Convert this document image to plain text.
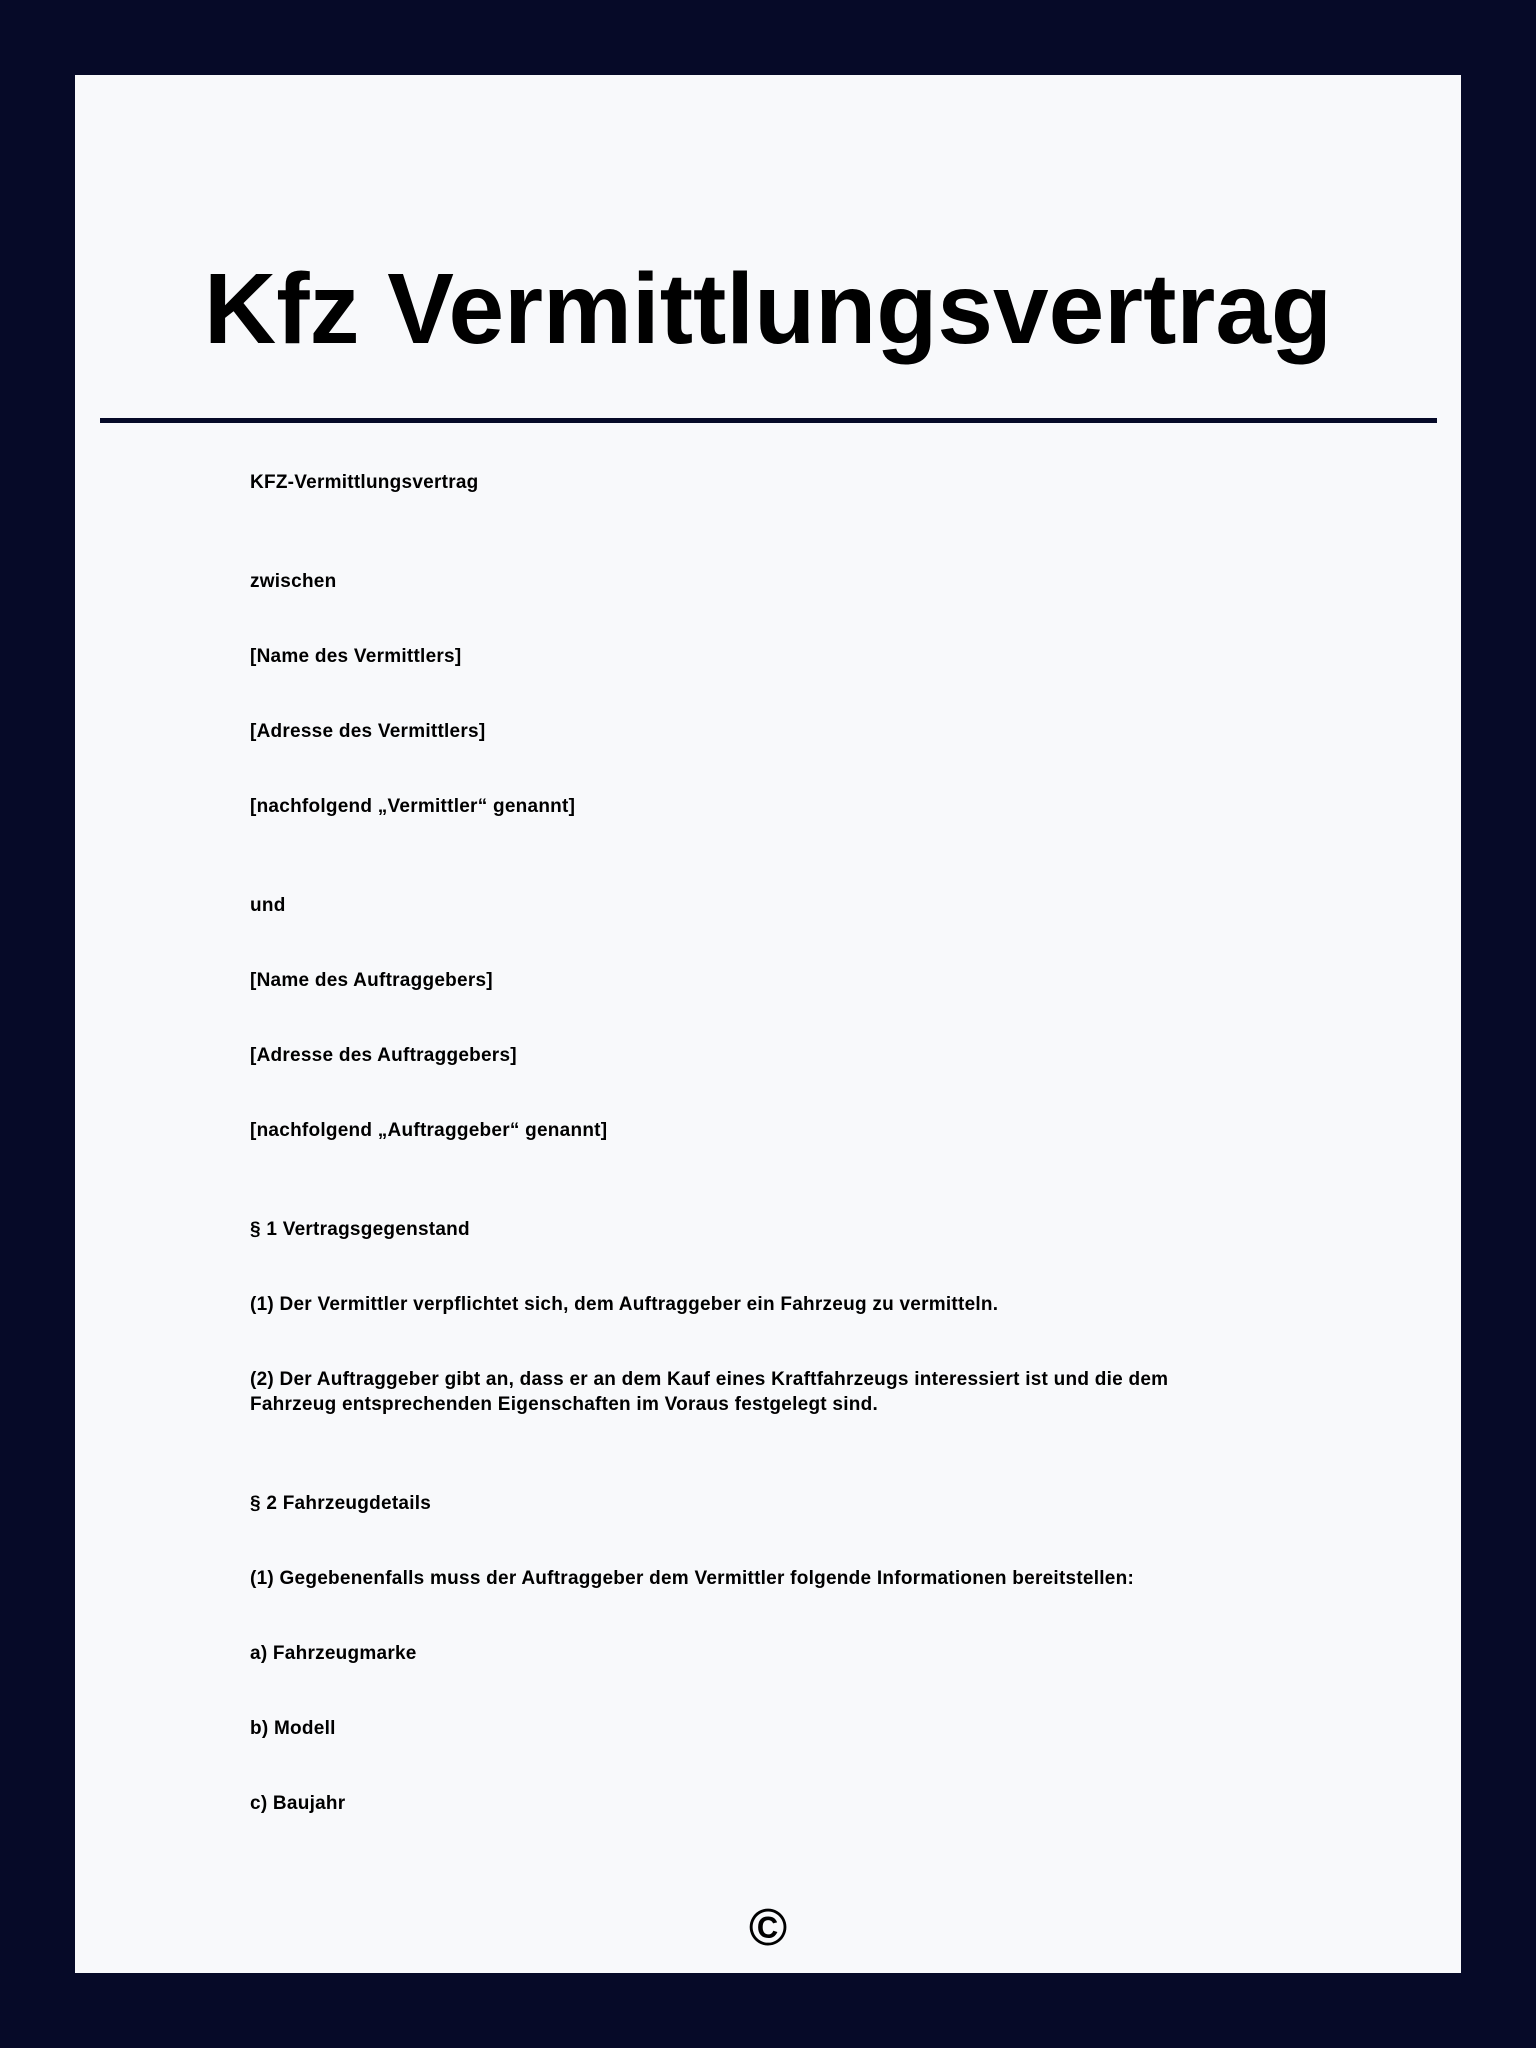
Kfz Vermittlungsvertrag

KFZ-Vermittlungsvertrag

zwischen

[Name des Vermittlers]

[Adresse des Vermittlers]

[nachfolgend „Vermittler“ genannt]

und

[Name des Auftraggebers]

[Adresse des Auftraggebers]

[nachfolgend „Auftraggeber“ genannt]

§ 1 Vertragsgegenstand

(1) Der Vermittler verpflichtet sich, dem Auftraggeber ein Fahrzeug zu vermitteln.

(2) Der Auftraggeber gibt an, dass er an dem Kauf eines Kraftfahrzeugs interessiert ist und die dem Fahrzeug entsprechenden Eigenschaften im Voraus festgelegt sind.

§ 2 Fahrzeugdetails

(1) Gegebenenfalls muss der Auftraggeber dem Vermittler folgende Informationen bereitstellen:

a) Fahrzeugmarke

b) Modell

c) Baujahr

©
